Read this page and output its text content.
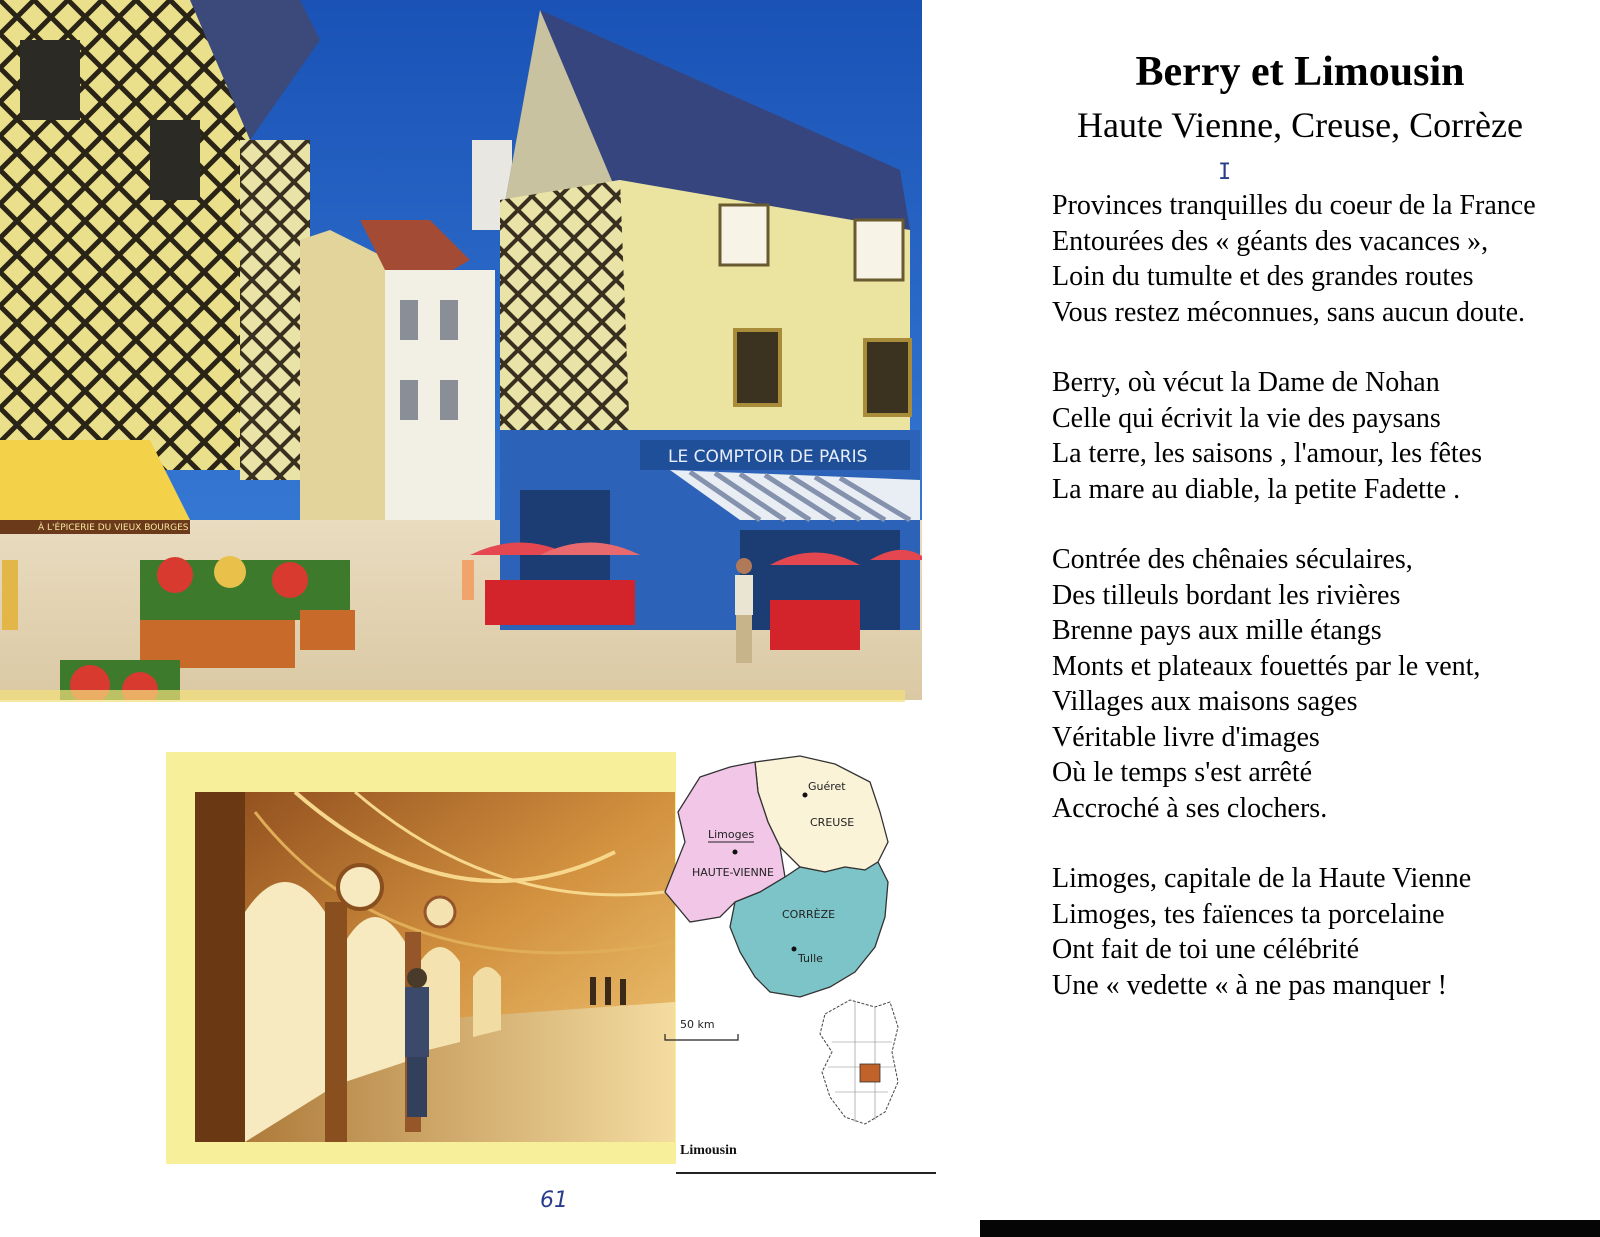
À L'ÉPICERIE DU VIEUX BOURGES
LE COMPTOIR DE PARIS
Guéret
CREUSE
Limoges
HAUTE-VIENNE
CORRÈZE
Tulle
50 km
Limousin
61
Berry et Limousin
Haute Vienne, Creuse, Corrèze
I
Provinces tranquilles du coeur de la France
Entourées des « géants des vacances »,
Loin du tumulte et des grandes routes
Vous restez méconnues, sans aucun doute.
Berry, où vécut la Dame de Nohan
Celle qui écrivit la vie des paysans
La terre, les saisons , l'amour, les fêtes
La mare au diable, la petite Fadette .
Contrée des chênaies séculaires,
Des tilleuls bordant les rivières
Brenne pays aux mille étangs
Monts et plateaux fouettés par le vent,
Villages aux maisons sages
Véritable livre d'images
Où le temps s'est arrêté
Accroché à ses clochers.
Limoges, capitale de la Haute Vienne
Limoges, tes faïences ta porcelaine
Ont fait de toi une célébrité
Une « vedette « à ne pas manquer !
